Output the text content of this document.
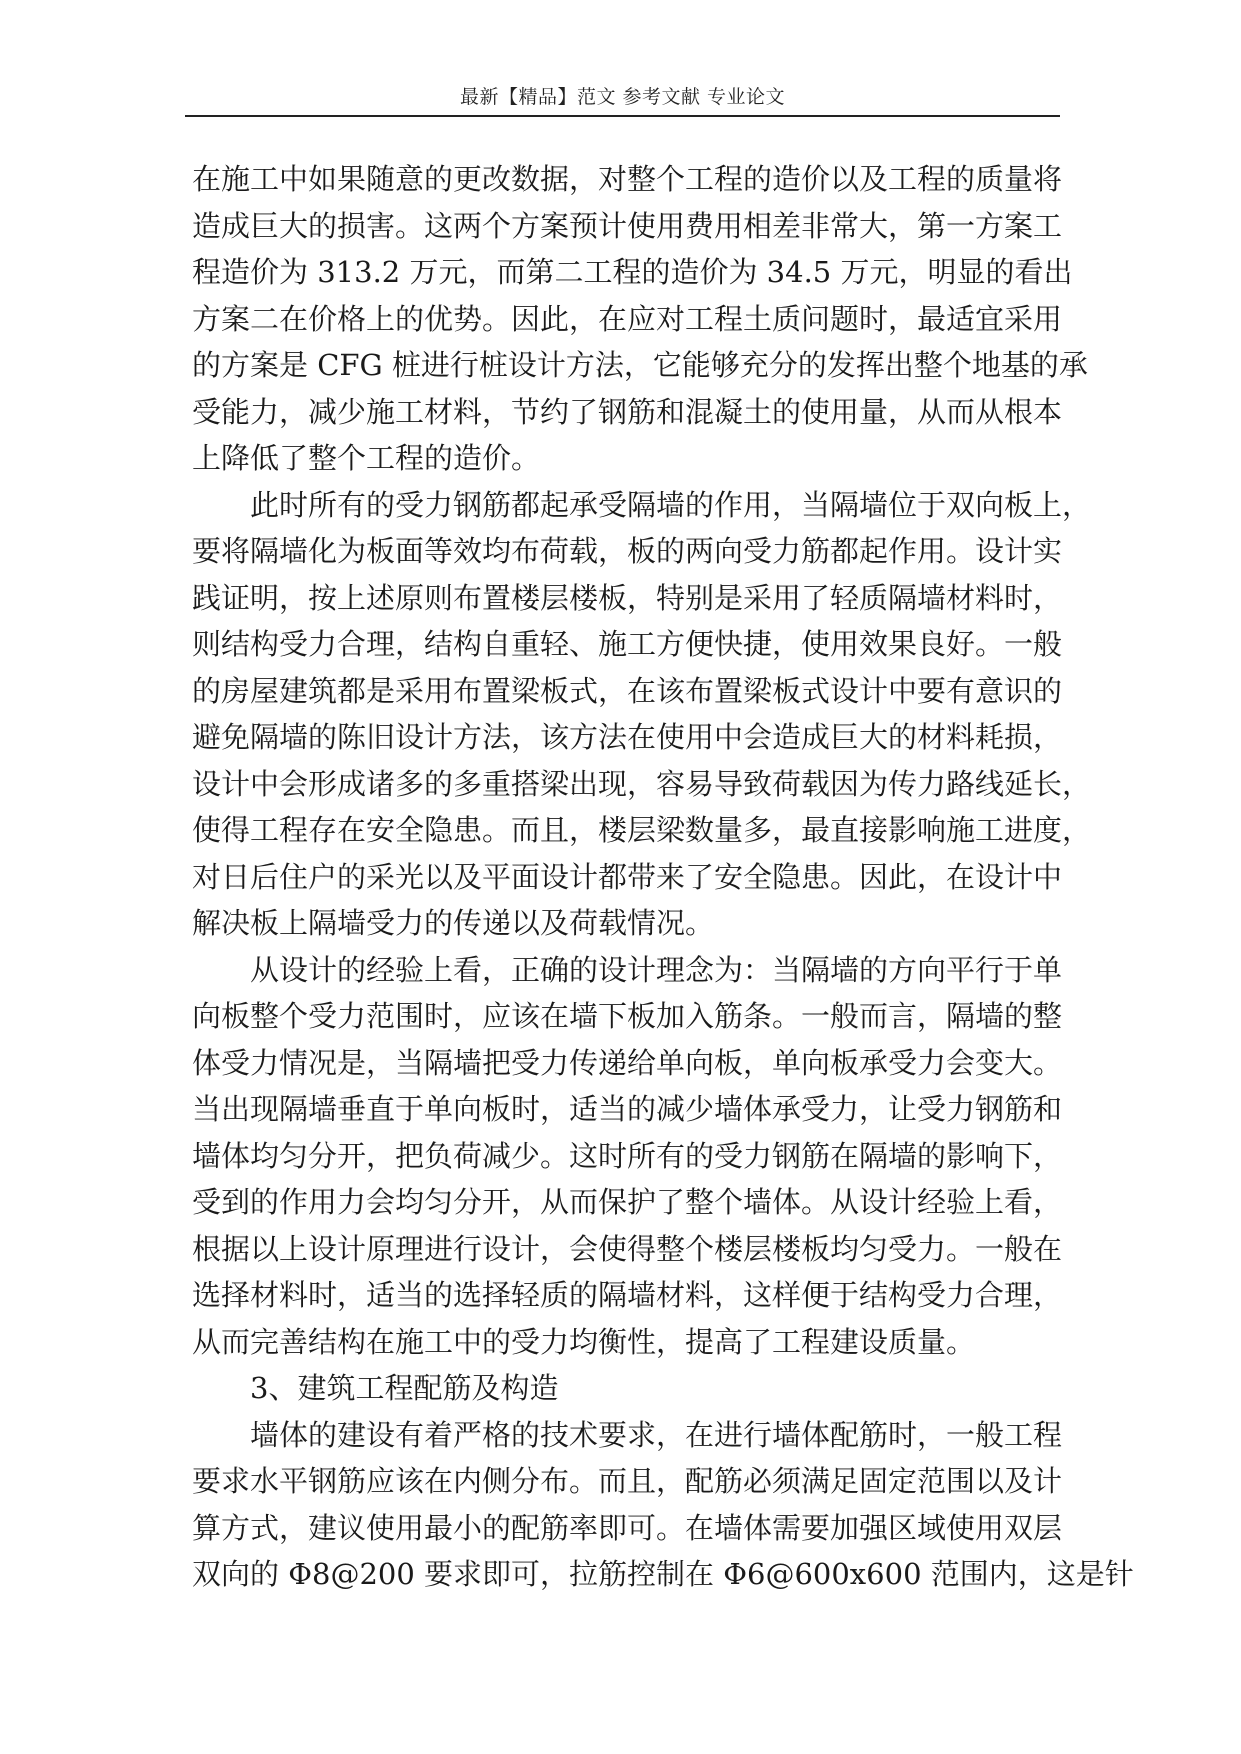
最新【精品】范文 参考文献 专业论文
在施工中如果随意的更改数据，对整个工程的造价以及工程的质量将
造成巨大的损害。这两个方案预计使用费用相差非常大，第一方案工
程造价为 313.2 万元，而第二工程的造价为 34.5 万元，明显的看出
方案二在价格上的优势。因此，在应对工程土质问题时，最适宜采用
的方案是 CFG 桩进行桩设计方法，它能够充分的发挥出整个地基的承
受能力，减少施工材料，节约了钢筋和混凝土的使用量，从而从根本
上降低了整个工程的造价。
此时所有的受力钢筋都起承受隔墙的作用，当隔墙位于双向板上，
要将隔墙化为板面等效均布荷载，板的两向受力筋都起作用。设计实
践证明，按上述原则布置楼层楼板，特别是采用了轻质隔墙材料时，
则结构受力合理，结构自重轻、施工方便快捷，使用效果良好。一般
的房屋建筑都是采用布置梁板式，在该布置梁板式设计中要有意识的
避免隔墙的陈旧设计方法，该方法在使用中会造成巨大的材料耗损，
设计中会形成诸多的多重搭梁出现，容易导致荷载因为传力路线延长，
使得工程存在安全隐患。而且，楼层梁数量多，最直接影响施工进度，
对日后住户的采光以及平面设计都带来了安全隐患。因此，在设计中
解决板上隔墙受力的传递以及荷载情况。
从设计的经验上看，正确的设计理念为：当隔墙的方向平行于单
向板整个受力范围时，应该在墙下板加入筋条。一般而言，隔墙的整
体受力情况是，当隔墙把受力传递给单向板，单向板承受力会变大。
当出现隔墙垂直于单向板时，适当的减少墙体承受力，让受力钢筋和
墙体均匀分开，把负荷减少。这时所有的受力钢筋在隔墙的影响下，
受到的作用力会均匀分开，从而保护了整个墙体。从设计经验上看，
根据以上设计原理进行设计，会使得整个楼层楼板均匀受力。一般在
选择材料时，适当的选择轻质的隔墙材料，这样便于结构受力合理，
从而完善结构在施工中的受力均衡性，提高了工程建设质量。
3、建筑工程配筋及构造
墙体的建设有着严格的技术要求，在进行墙体配筋时，一般工程
要求水平钢筋应该在内侧分布。而且，配筋必须满足固定范围以及计
算方式，建议使用最小的配筋率即可。在墙体需要加强区域使用双层
双向的 Φ8@200 要求即可，拉筋控制在 Φ6@600x600 范围内，这是针
